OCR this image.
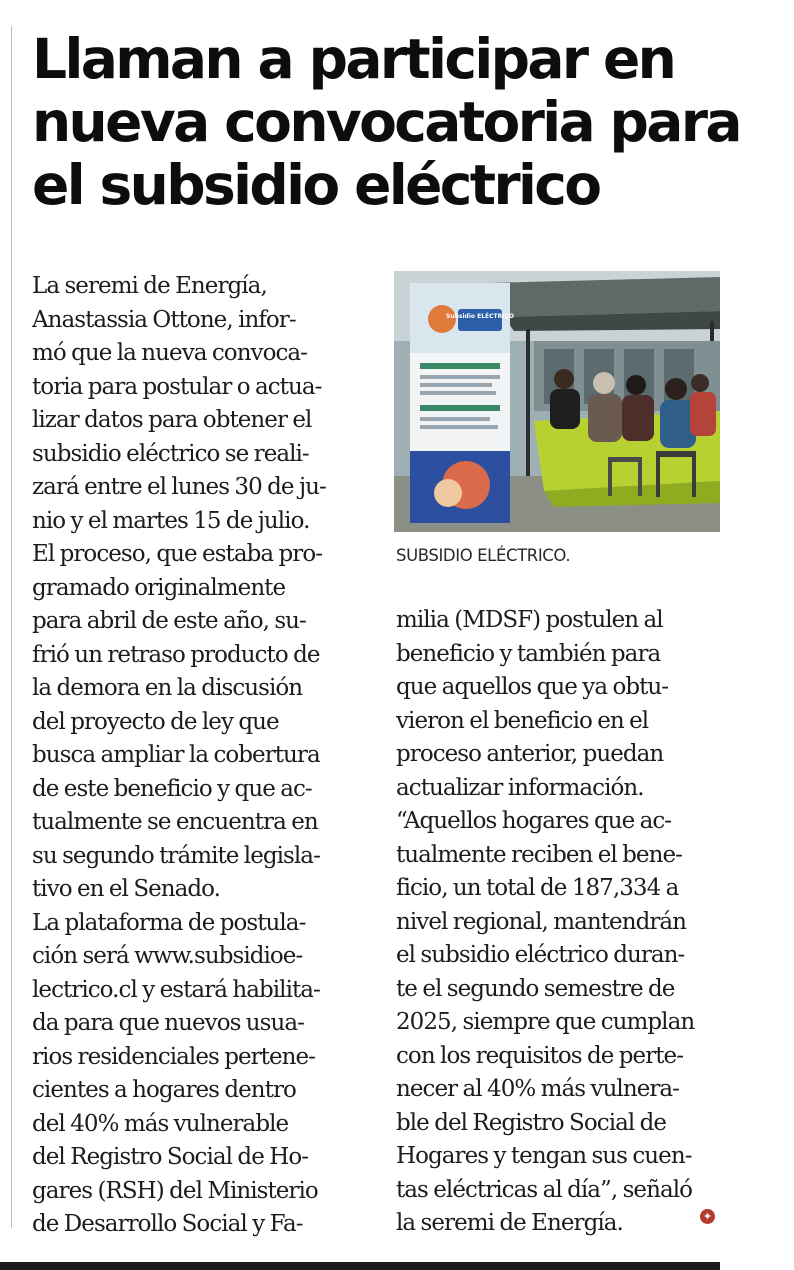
Llaman a participar en nueva convocatoria para el subsidio eléctrico

La seremi de Energía,
Anastassia Ottone, infor-
mó que la nueva convoca-
toria para postular o actua-
lizar datos para obtener el
subsidio eléctrico se reali-
zará entre el lunes 30 de ju-
nio y el martes 15 de julio.
El proceso, que estaba pro-
gramado originalmente
para abril de este año, su-
frió un retraso producto de
la demora en la discusión
del proyecto de ley que
busca ampliar la cobertura
de este beneficio y que ac-
tualmente se encuentra en
su segundo trámite legisla-
tivo en el Senado.
La plataforma de postula-
ción será www.subsidioe-
lectrico.cl y estará habilita-
da para que nuevos usua-
rios residenciales pertene-
cientes a hogares dentro
del 40% más vulnerable
del Registro Social de Ho-
gares (RSH) del Ministerio
de Desarrollo Social y Fa-

Subsidio ELÉCTRICO

SUBSIDIO ELÉCTRICO.

milia (MDSF) postulen al
beneficio y también para
que aquellos que ya obtu-
vieron el beneficio en el
proceso anterior, puedan
actualizar información.
“Aquellos hogares que ac-
tualmente reciben el bene-
ficio, un total de 187,334 a
nivel regional, mantendrán
el subsidio eléctrico duran-
te el segundo semestre de
2025, siempre que cumplan
con los requisitos de perte-
necer al 40% más vulnera-
ble del Registro Social de
Hogares y tengan sus cuen-
tas eléctricas al día”, señaló
la seremi de Energía.	✦
